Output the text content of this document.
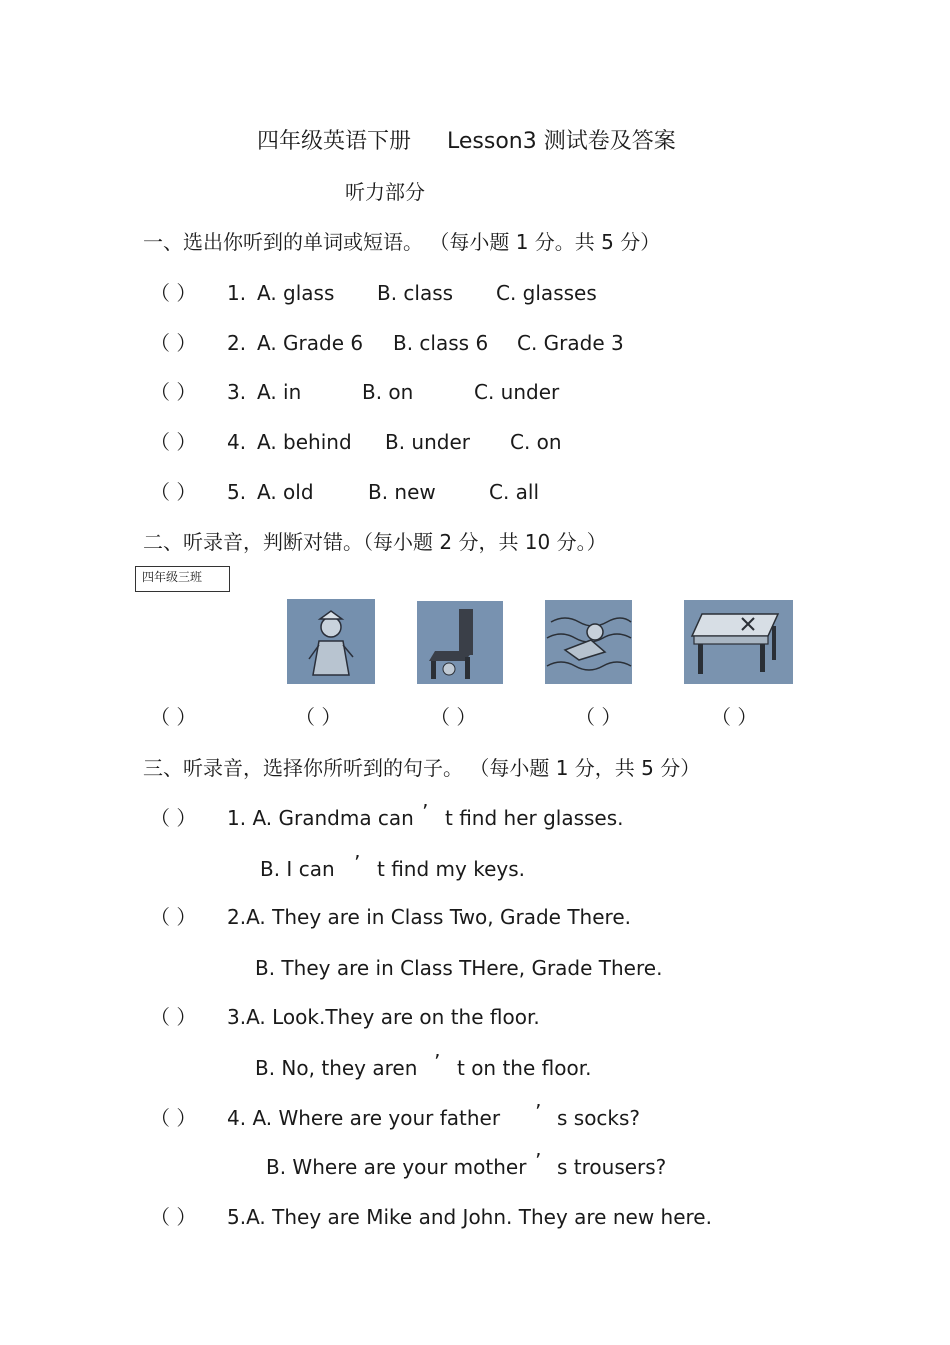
四年级英语下册 Lesson3 测试卷及答案
听力部分
一、选出你听到的单词或短语。 （每小题 1 分。共 5 分）
（ ） 1. A. glass B. class C. glasses
（ ） 2. A. Grade 6 B. class 6 C. Grade 3
（ ） 3. A. in	B. on	C. under
（ ） 4. A. behind B. under C. on
（ ） 5. A. old	B. new	C. all
二、听录音，判断对错。（每小题 2 分，共 10 分。）
四年级三班
（ ）	（ ）	（ ）	（ ）	（ ）
三、听录音，选择你所听到的句子。 （每小题 1 分，共 5 分）
（ ） 1. A. Grandma can ’ t find her glasses.
B. I can ’ t find my keys.
（ ） 2.A. They are in Class Two, Grade There.
B. They are in Class THere, Grade There.
（ ） 3.A. Look.They are on the floor.
B. No, they aren ’ t on the floor.
（ ） 4. A. Where are your father ’ s socks?
B. Where are your mother ’ s trousers?
（ ） 5.A. They are Mike and John. They are new here.
